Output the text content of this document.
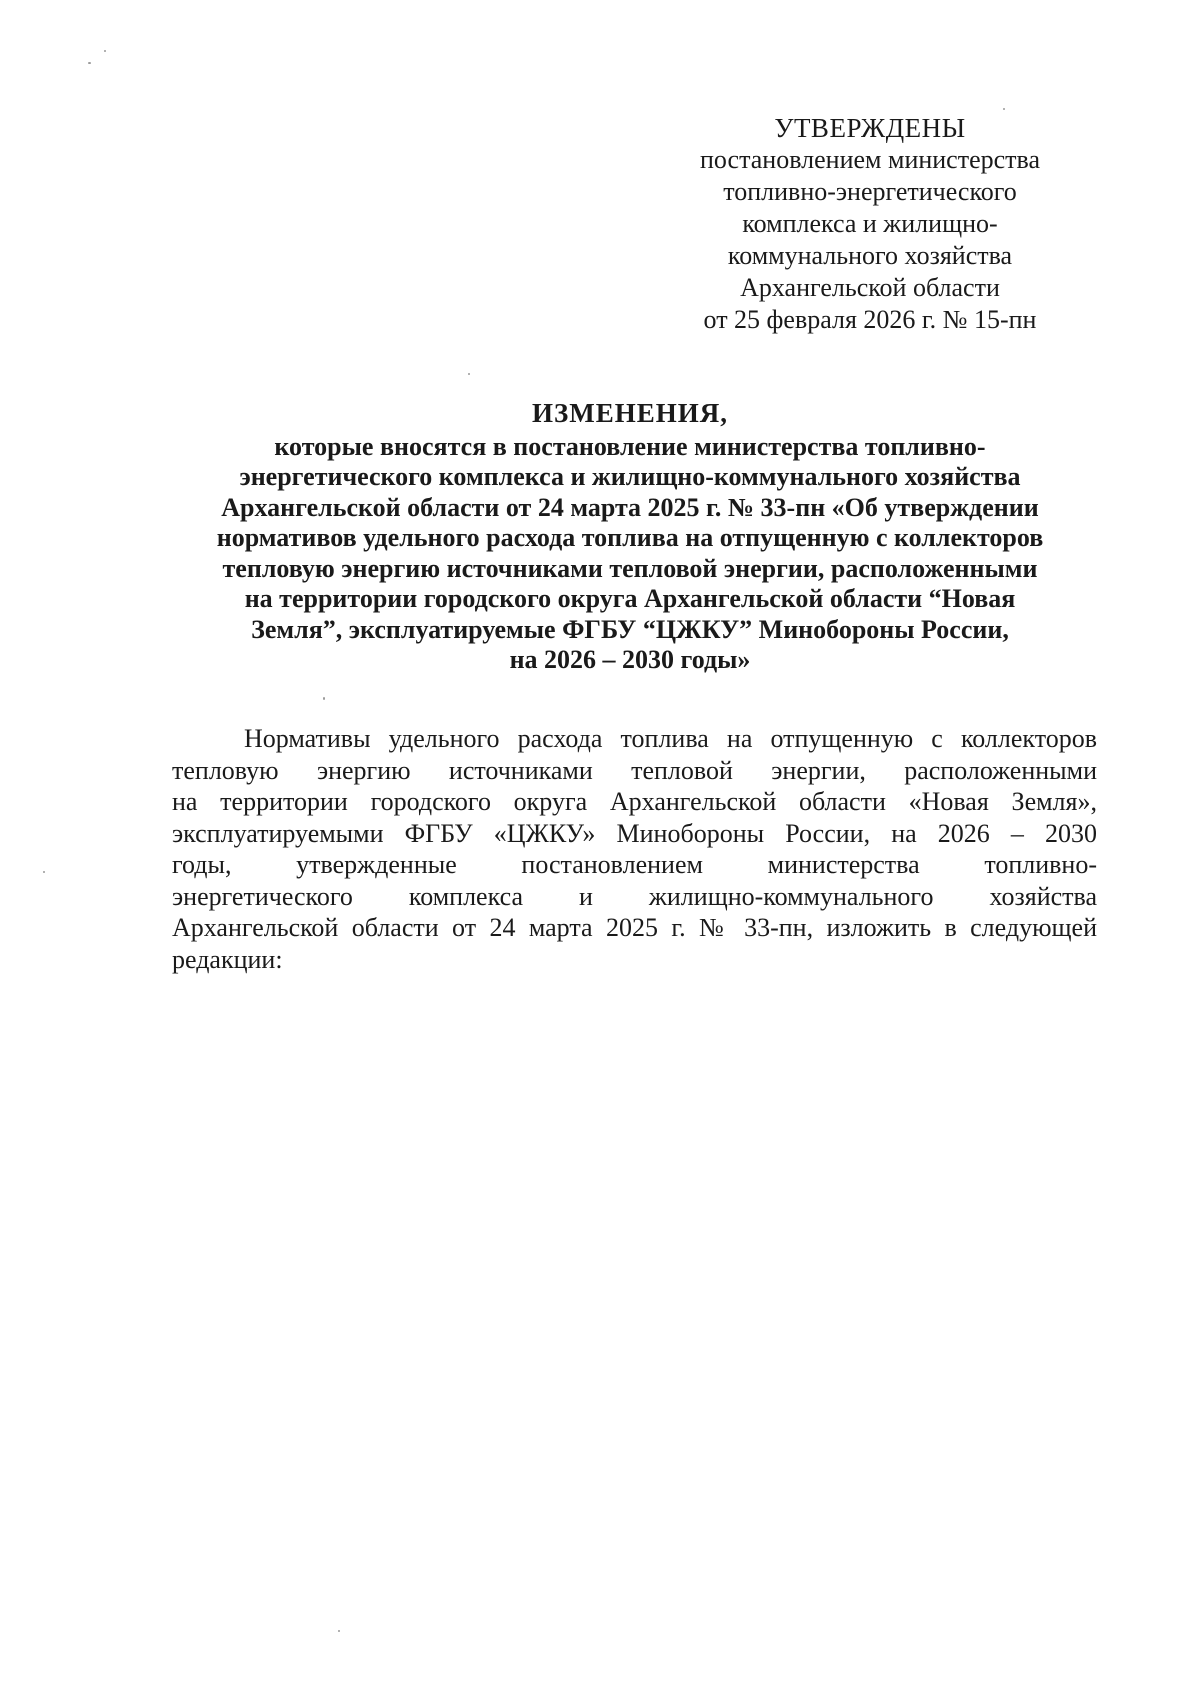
УТВЕРЖДЕНЫ
постановлением министерства
топливно-энергетического
комплекса и жилищно-
коммунального хозяйства
Архангельской области
от 25 февраля 2026 г. № 15-пн
ИЗМЕНЕНИЯ,
которые вносятся в постановление министерства топливно-
энергетического комплекса и жилищно-коммунального хозяйства
Архангельской области от 24 марта 2025 г. № 33-пн «Об утверждении
нормативов удельного расхода топлива на отпущенную с коллекторов
тепловую энергию источниками тепловой энергии, расположенными
на территории городского округа Архангельской области “Новая
Земля”, эксплуатируемые ФГБУ “ЦЖКУ” Минобороны России,
на 2026 – 2030 годы»
Нормативы удельного расхода топлива на отпущенную с коллекторов
тепловую энергию источниками тепловой энергии, расположенными
на территории городского округа Архангельской области «Новая Земля»,
эксплуатируемыми ФГБУ «ЦЖКУ» Минобороны России, на 2026 – 2030
годы, утвержденные постановлением министерства топливно-
энергетического комплекса и жилищно-коммунального хозяйства
Архангельской области от 24 марта 2025 г. № 33-пн, изложить в следующей
редакции:
